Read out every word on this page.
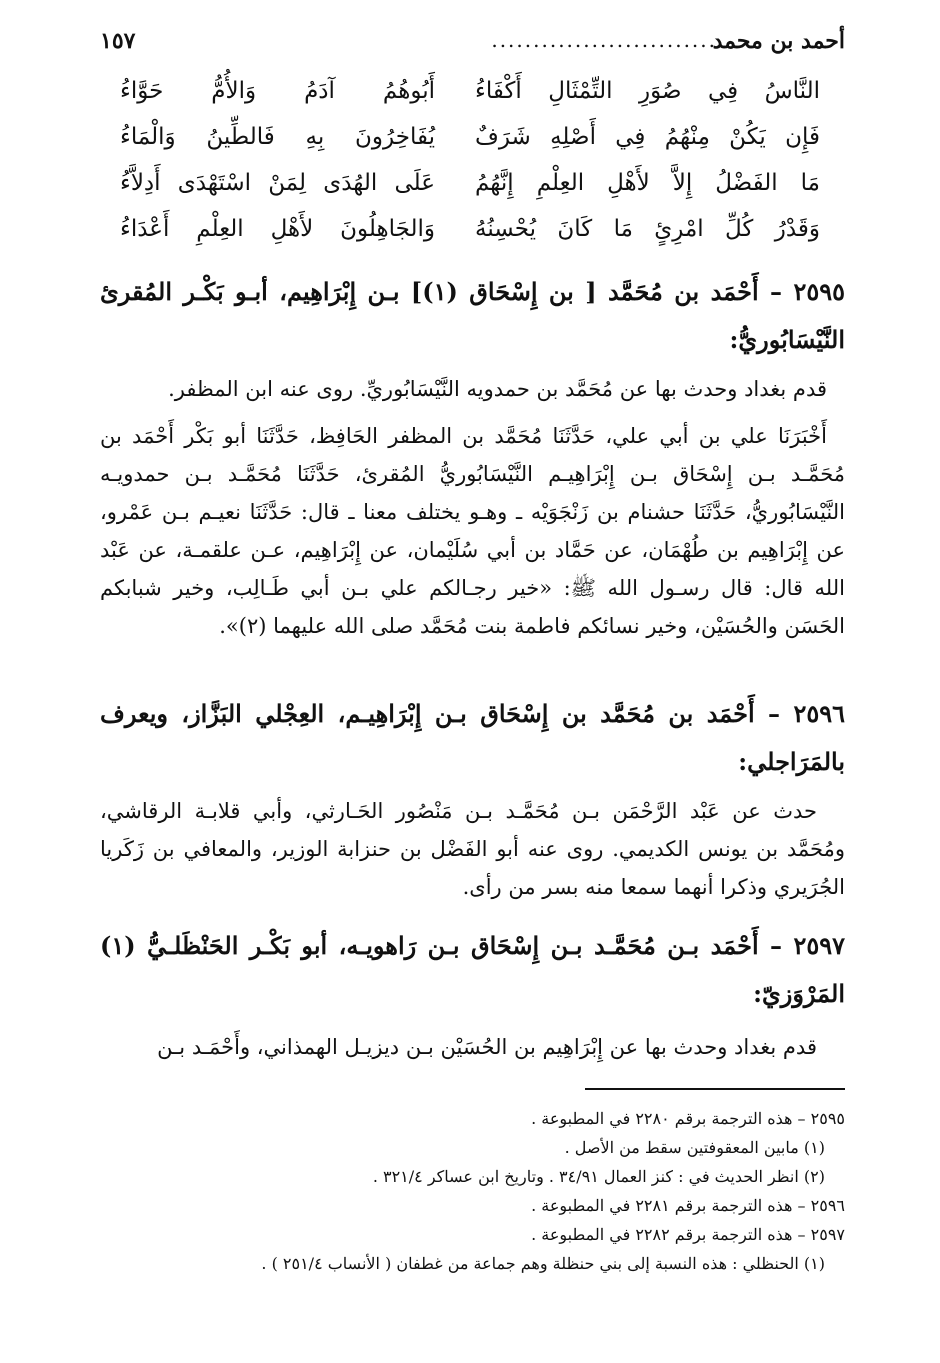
أحمد بن محمد
...........................
١٥٧
النَّاسُ فِي صُوَرِ التِّمْثَالِ أَكْفَاءُ
أَبُوهُمُ آدَمُ وَالأُمُّ حَوَّاءُ
فَإِن يَكُنْ مِنْهُمُ فِي أَصْلِهِ شَرَفٌ
يُفَاخِرُونَ بِهِ فَالطِّينُ وَالْمَاءُ
مَا الفَضْلُ إِلاَّ لأَهْلِ العِلْمِ إِنَّهُمُ
عَلَى الهُدَى لِمَنْ اسْتَهْدَى أَدِلاَّءُ
وَقَدْرُ كُلِّ امْرِئٍ مَا كَانَ يُحْسِنُهُ
وَالجَاهِلُونَ لأَهْلِ العِلْمِ أَعْدَاءُ
٢٥٩٥ – أَحْمَد بن مُحَمَّد [ بن إِسْحَاق (١)] بـن إِبْرَاهِيم، أبـو بَكْـر المُقرئ النَّيْسَابُوريُّ:
قدم بغداد وحدث بها عن مُحَمَّد بن حمدويه النَّيْسَابُوريِّ. روى عنه ابن المظفر.
أَخْبَرَنَا علي بن أبي علي، حَدَّثَنَا مُحَمَّد بن المظفر الحَافِظ، حَدَّثَنَا أبو بَكْر أَحْمَد بن مُحَمَّـد بـن إِسْحَاق بـن إِبْرَاهِيـم النَّيْسَابُوريُّ المُقرئ، حَدَّثَنَا مُحَمَّـد بـن حمدويـه النَّيْسَابُوريُّ، حَدَّثَنَا حشنام بن زَنْجَوَيْه ـ وهـو يختلف معنا ـ قال: حَدَّثَنَا نعيـم بـن عَمْرو، عن إِبْرَاهِيم بن طُهْمَان، عن حَمَّاد بن أبي سُلَيْمان، عن إِبْرَاهِيم، عـن علقمـة، عن عَبْد الله قال: قال رسـول الله ﷺ: «خير رجـالكم علي بـن أبي طَـالِب، وخير شبابكم الحَسَن والحُسَيْن، وخير نسائكم فاطمة بنت مُحَمَّد صلى الله عليهما (٢)».
٢٥٩٦ – أَحْمَد بن مُحَمَّد بن إِسْحَاق بـن إِبْرَاهِيـم، العِجْلي البَزَّاز، ويعرف بالمَرَاجلي:
حدث عن عَبْد الرَّحْمَن بـن مُحَمَّـد بـن مَنْصُور الحَـارثي، وأبي قلابـة الرقاشي، ومُحَمَّد بن يونس الكديمي. روى عنه أبو الفَضْل بن حنزابة الوزير، والمعافي بن زَكَريا الجُرَيري وذكرا أنهما سمعا منه بسر من رأى.
٢٥٩٧ – أَحْمَد بـن مُحَمَّـد بـن إِسْحَاق بـن رَاهويـه، أبو بَكْـر الحَنْظَلـيُّ (١) المَرْوَزيّ:
قدم بغداد وحدث بها عن إِبْرَاهِيم بن الحُسَيْن بـن ديزيـل الهمذاني، وأَحْمَـد بـن
٢٥٩٥ – هذه الترجمة برقم ٢٢٨٠ في المطبوعة .
(١) مابين المعقوفتين سقط من الأصل .
(٢) انظر الحديث في : كنز العمال ٣٤/٩١ . وتاريخ ابن عساكر ٣٢١/٤ .
٢٥٩٦ – هذه الترجمة برقم ٢٢٨١ في المطبوعة .
٢٥٩٧ – هذه الترجمة برقم ٢٢٨٢ في المطبوعة .
(١) الحنظلي : هذه النسبة إلى بني حنظلة وهم جماعة من غطفان ( الأنساب ٢٥١/٤ ) .
